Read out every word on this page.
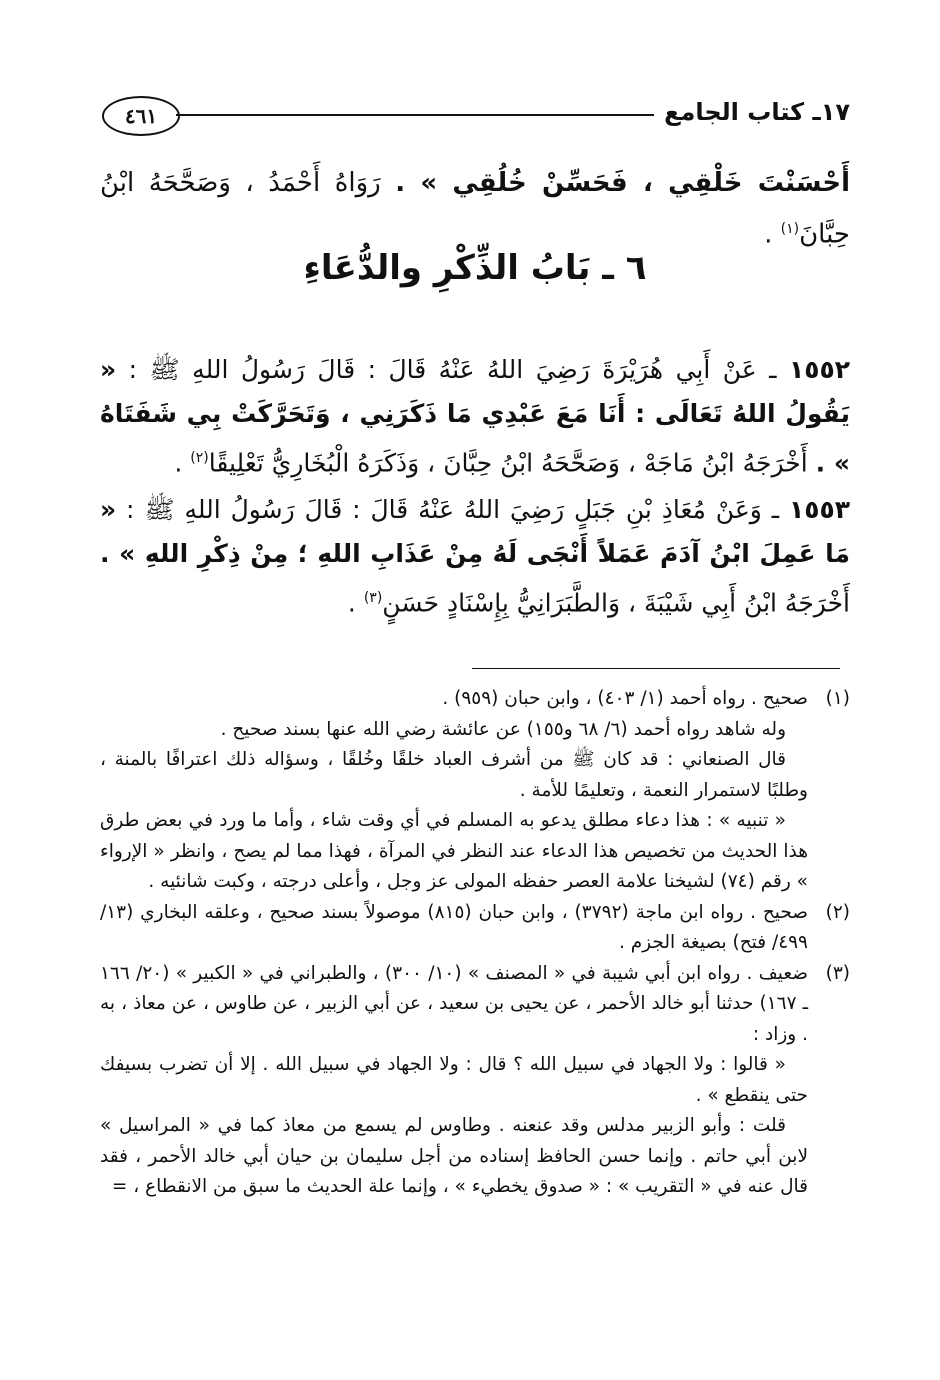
٤٦١	١٧ـ كتاب الجامع
أَحْسَنْتَ خَلْقِي ، فَحَسِّنْ خُلُقِي » . رَوَاهُ أَحْمَدُ ، وَصَحَّحَهُ ابْنُ حِبَّانَ$^{(١)}$ .
٦ ـ بَابُ الذِّكْرِ والدُّعَاءِ
١٥٥٢ ـ عَنْ أَبِي هُرَيْرَةَ رَضِيَ اللهُ عَنْهُ قَالَ : قَالَ رَسُولُ اللهِ ﷺ : « يَقُولُ اللهُ تَعَالَى : أَنَا مَعَ عَبْدِي مَا ذَكَرَنِي ، وَتَحَرَّكَتْ بِي شَفَتَاهُ » . أَخْرَجَهُ ابْنُ مَاجَهْ ، وَصَحَّحَهُ ابْنُ حِبَّانَ ، وَذَكَرَهُ الْبُخَارِيُّ تَعْلِيقًا$^{(٢)}$ .
١٥٥٣ ـ وَعَنْ مُعَاذِ بْنِ جَبَلٍ رَضِيَ اللهُ عَنْهُ قَالَ : قَالَ رَسُولُ اللهِ ﷺ : « مَا عَمِلَ ابْنُ آدَمَ عَمَلاً أَنْجَى لَهُ مِنْ عَذَابِ اللهِ ؛ مِنْ ذِكْرِ اللهِ » . أَخْرَجَهُ ابْنُ أَبِي شَيْبَةَ ، وَالطَّبَرَانِيُّ بِإِسْنَادٍ حَسَنٍ$^{(٣)}$ .
(١)

صحيح . رواه أحمد (١/ ٤٠٣) ، وابن حبان (٩٥٩) .

وله شاهد رواه أحمد (٦/ ٦٨ و١٥٥) عن عائشة رضي الله عنها بسند صحيح .

قال الصنعاني : قد كان ﷺ من أشرف العباد خلقًا وخُلقًا ، وسؤاله ذلك اعترافًا بالمنة ، وطلبًا لاستمرار النعمة ، وتعليمًا للأمة .

« تنبيه » : هذا دعاء مطلق يدعو به المسلم في أي وقت شاء ، وأما ما ورد في بعض طرق هذا الحديث من تخصيص هذا الدعاء عند النظر في المرآة ، فهذا مما لم يصح ، وانظر « الإرواء » رقم (٧٤) لشيخنا علامة العصر حفظه المولى عز وجل ، وأعلى درجته ، وكبت شانئيه .

(٢)

صحيح . رواه ابن ماجة (٣٧٩٢) ، وابن حبان (٨١٥) موصولاً بسند صحيح ، وعلقه البخاري (١٣/ ٤٩٩/ فتح) بصيغة الجزم .

(٣)

ضعيف . رواه ابن أبي شيبة في « المصنف » (١٠/ ٣٠٠) ، والطبراني في « الكبير » (٢٠/ ١٦٦ ـ ١٦٧) حدثنا أبو خالد الأحمر ، عن يحيى بن سعيد ، عن أبي الزبير ، عن طاوس ، عن معاذ ، به . وزاد :

« قالوا : ولا الجهاد في سبيل الله ؟ قال : ولا الجهاد في سبيل الله . إلا أن تضرب بسيفك حتى ينقطع » .

قلت : وأبو الزبير مدلس وقد عنعنه . وطاوس لم يسمع من معاذ كما في « المراسيل » لابن أبي حاتم . وإنما حسن الحافظ إسناده من أجل سليمان بن حيان أبي خالد الأحمر ، فقد قال عنه في « التقريب » : « صدوق يخطيء » ، وإنما علة الحديث ما سبق من الانقطاع ، =
